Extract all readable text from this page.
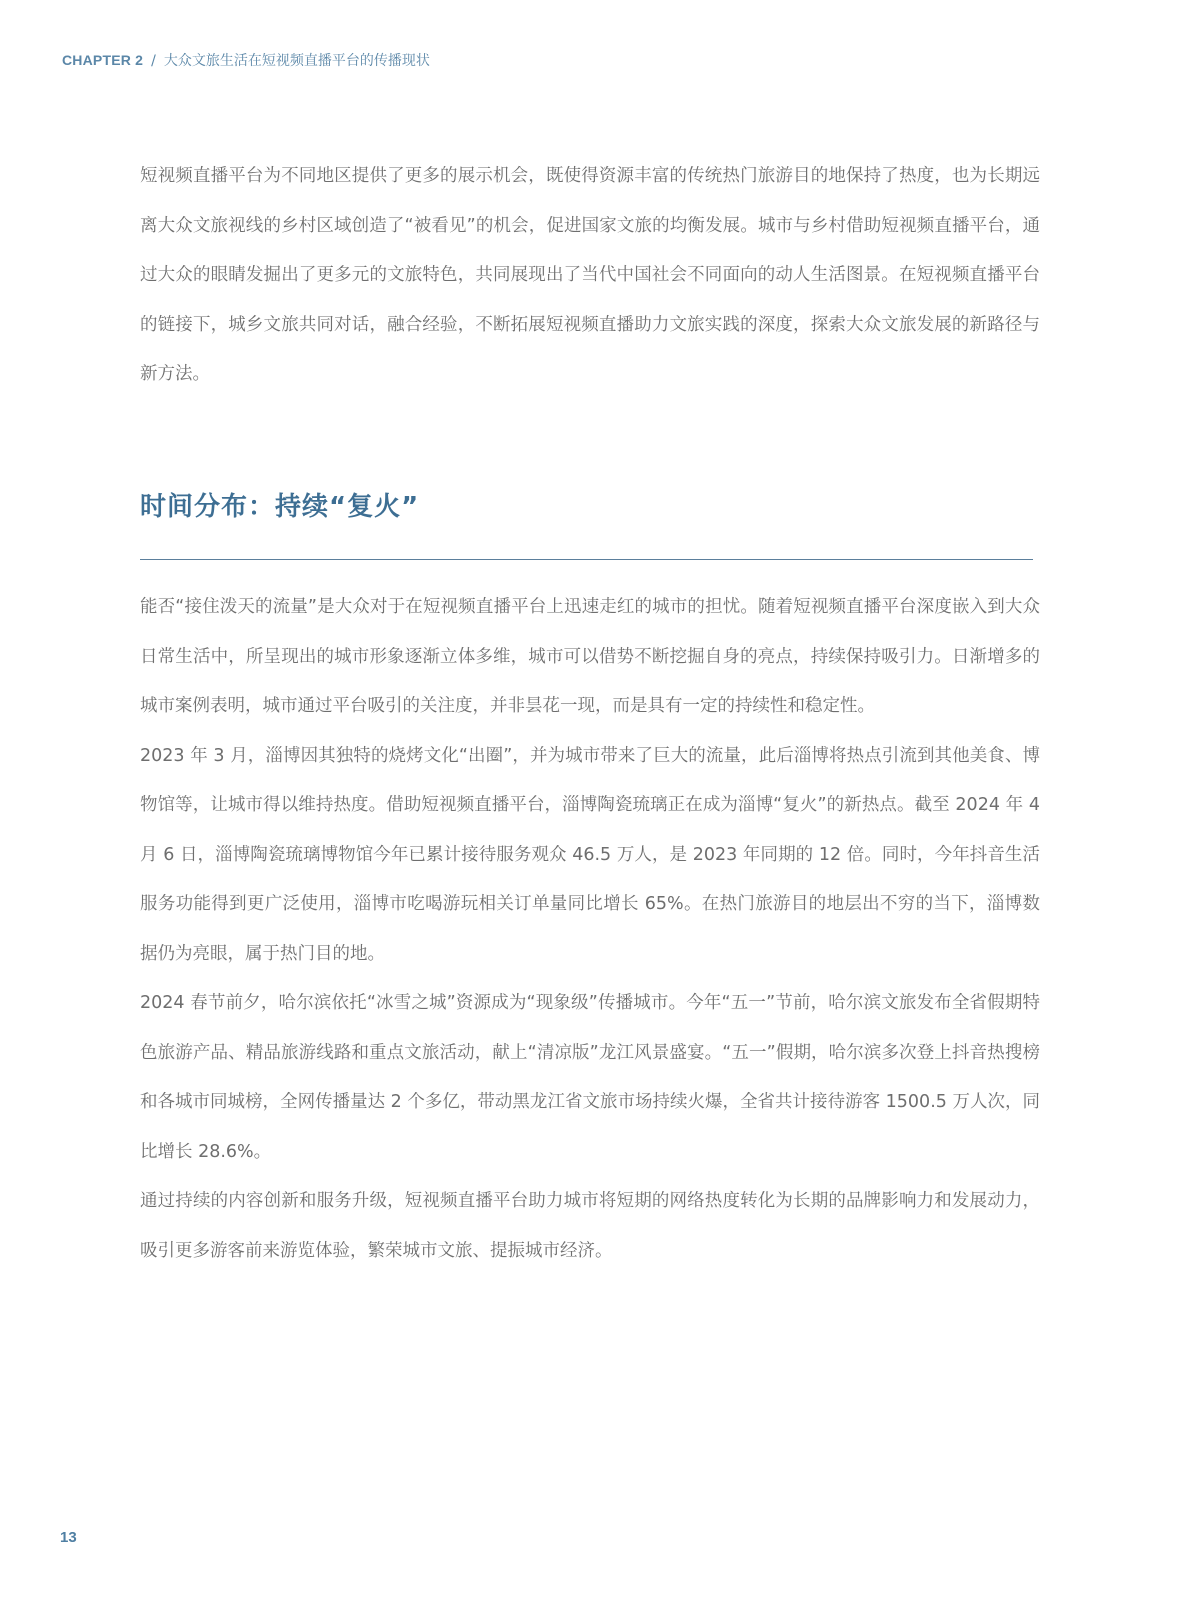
CHAPTER 2 / 大众文旅生活在短视频直播平台的传播现状

短视频直播平台为不同地区提供了更多的展示机会，既使得资源丰富的传统热门旅游目的地保持了热度，也为长期远离大众文旅视线的乡村区域创造了“被看见”的机会，促进国家文旅的均衡发展。城市与乡村借助短视频直播平台，通过大众的眼睛发掘出了更多元的文旅特色，共同展现出了当代中国社会不同面向的动人生活图景。在短视频直播平台的链接下，城乡文旅共同对话，融合经验，不断拓展短视频直播助力文旅实践的深度，探索大众文旅发展的新路径与新方法。

时间分布：持续“复火”

能否“接住泼天的流量”是大众对于在短视频直播平台上迅速走红的城市的担忧。随着短视频直播平台深度嵌入到大众日常生活中，所呈现出的城市形象逐渐立体多维，城市可以借势不断挖掘自身的亮点，持续保持吸引力。日渐增多的城市案例表明，城市通过平台吸引的关注度，并非昙花一现，而是具有一定的持续性和稳定性。

2023 年 3 月，淄博因其独特的烧烤文化“出圈”，并为城市带来了巨大的流量，此后淄博将热点引流到其他美食、博物馆等，让城市得以维持热度。借助短视频直播平台，淄博陶瓷琉璃正在成为淄博“复火”的新热点。截至 2024 年 4 月 6 日，淄博陶瓷琉璃博物馆今年已累计接待服务观众 46.5 万人，是 2023 年同期的 12 倍。同时，今年抖音生活服务功能得到更广泛使用，淄博市吃喝游玩相关订单量同比增长 65%。在热门旅游目的地层出不穷的当下，淄博数据仍为亮眼，属于热门目的地。

2024 春节前夕，哈尔滨依托“冰雪之城”资源成为“现象级”传播城市。今年“五一”节前，哈尔滨文旅发布全省假期特色旅游产品、精品旅游线路和重点文旅活动，献上“清凉版”龙江风景盛宴。“五一”假期，哈尔滨多次登上抖音热搜榜和各城市同城榜，全网传播量达 2 个多亿，带动黑龙江省文旅市场持续火爆，全省共计接待游客 1500.5 万人次，同比增长 28.6%。

通过持续的内容创新和服务升级，短视频直播平台助力城市将短期的网络热度转化为长期的品牌影响力和发展动力，吸引更多游客前来游览体验，繁荣城市文旅、提振城市经济。

13
